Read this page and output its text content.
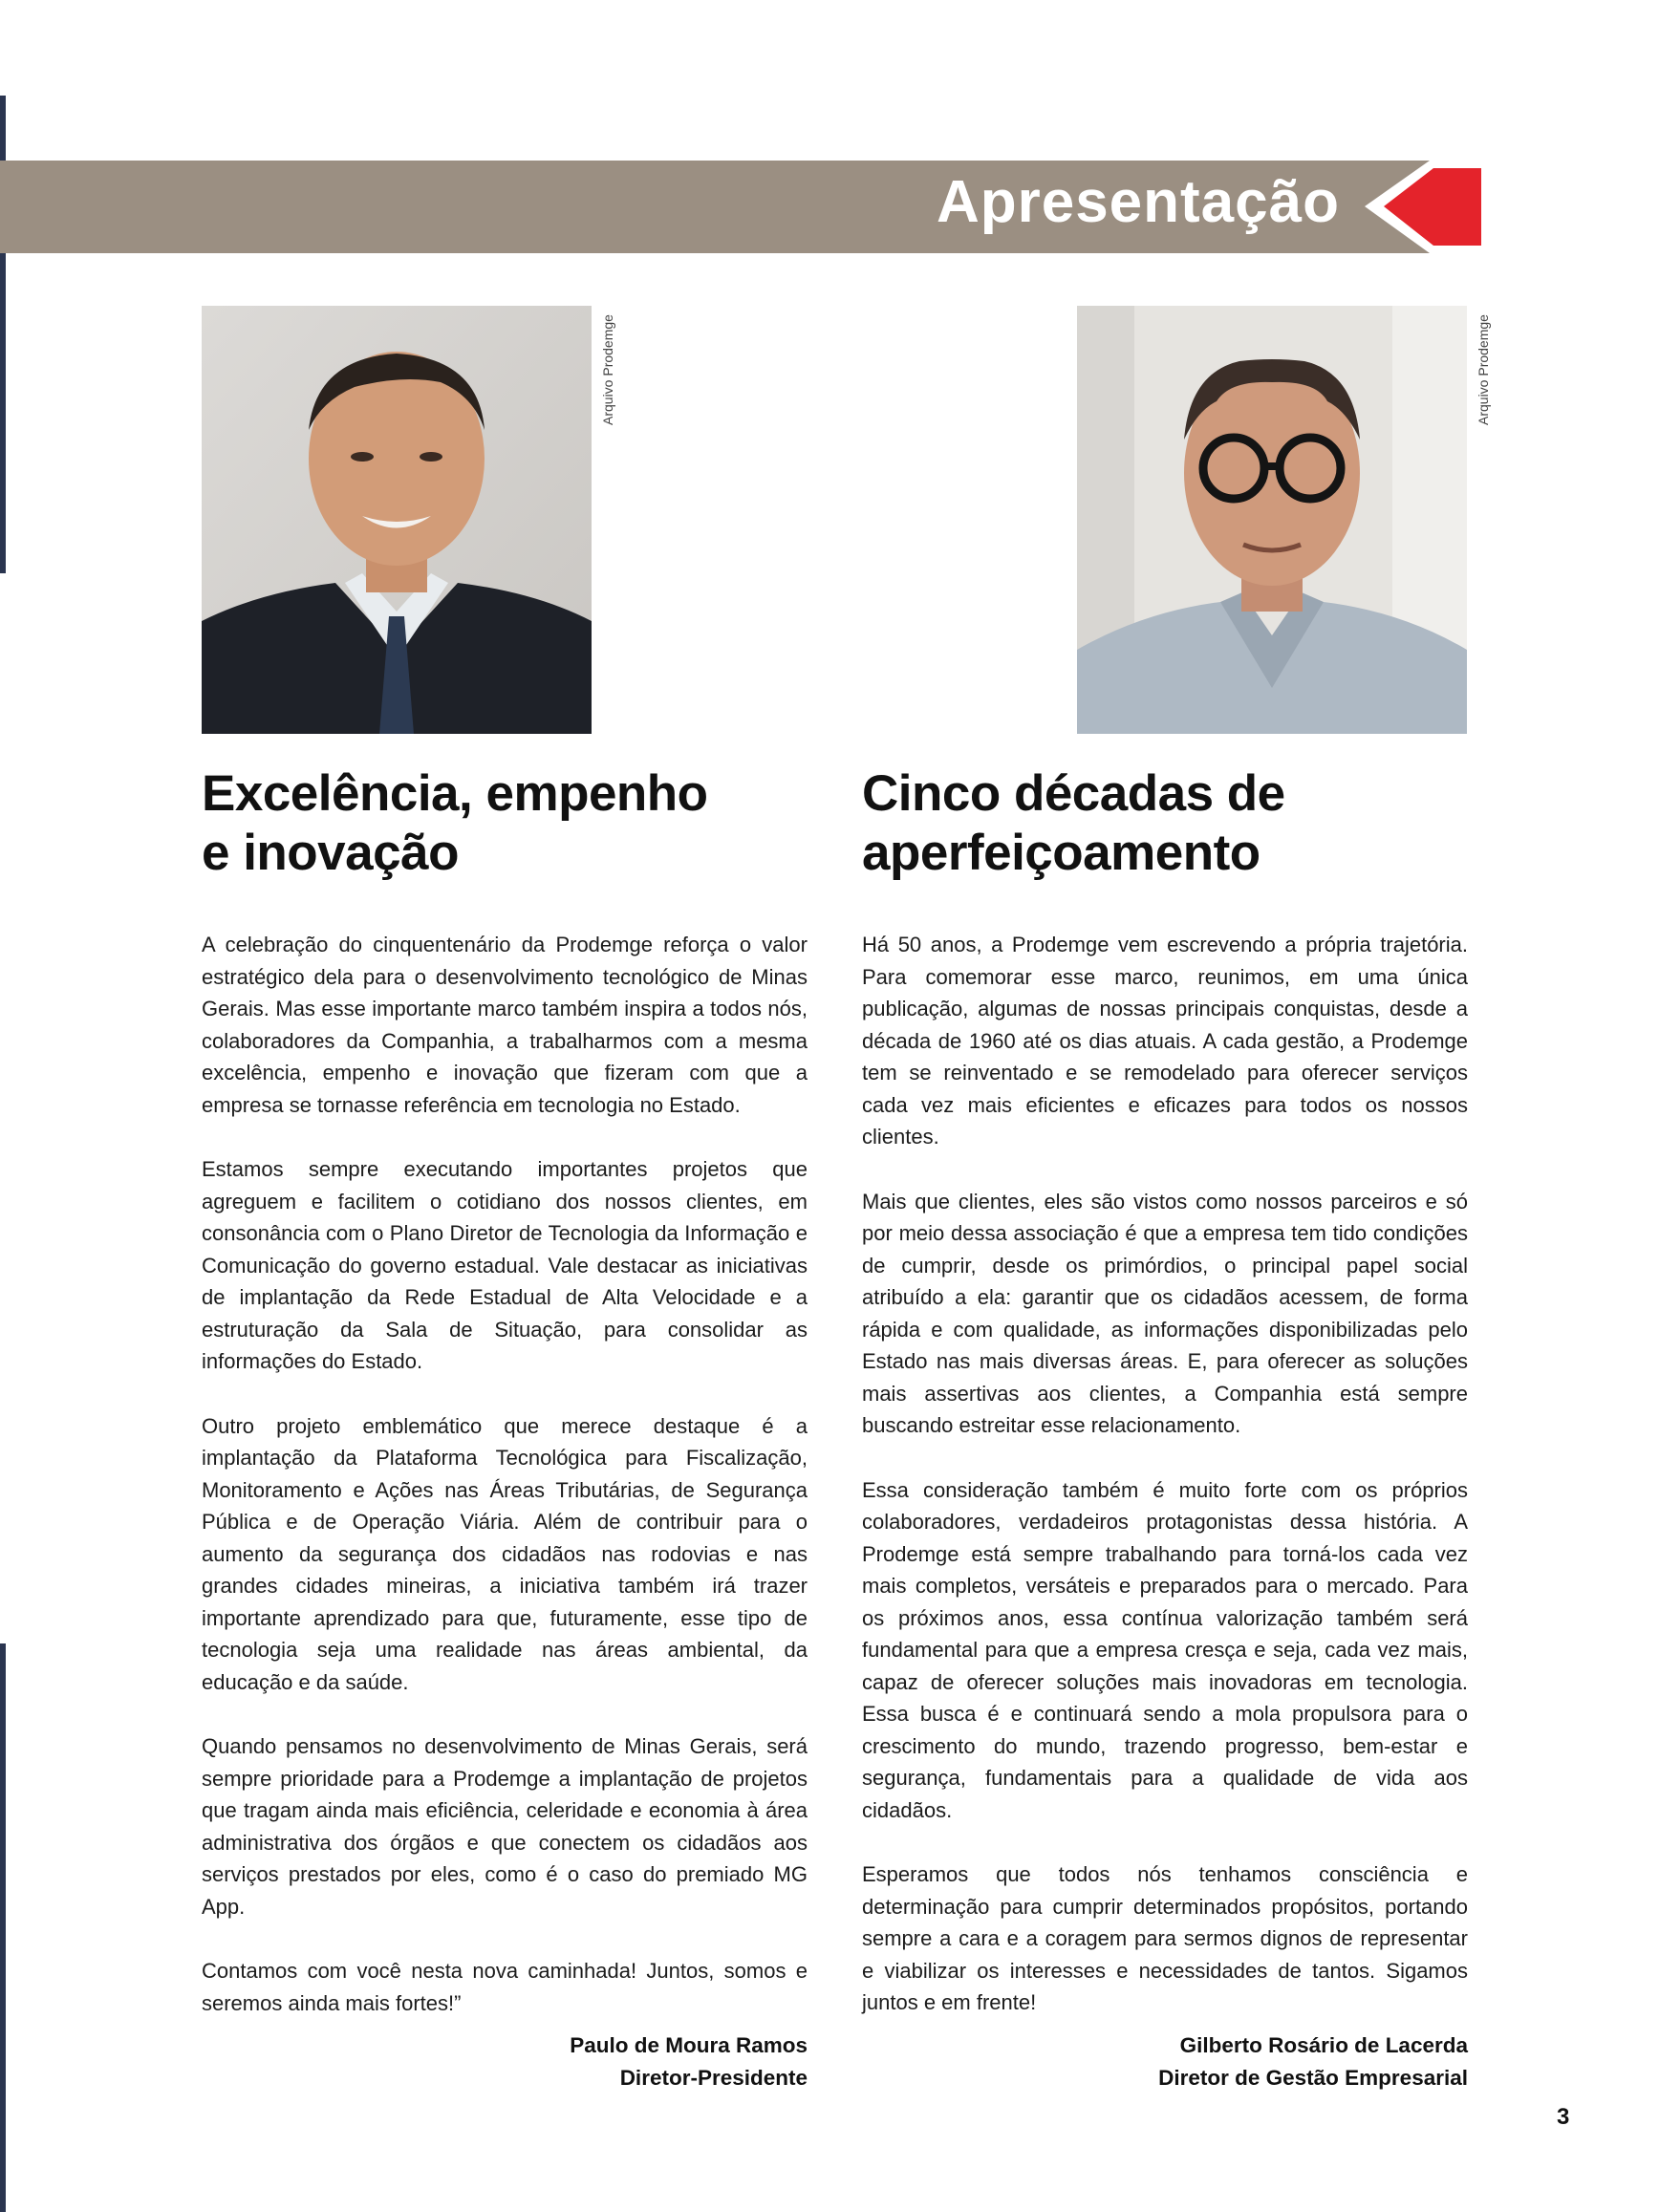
Apresentação
Arquivo Prodemge	Arquivo Prodemge
Excelência, empenho
e inovação

A celebração do cinquentenário da Prodemge reforça o valor estratégico dela para o desenvolvimento tecnológico de Minas Gerais. Mas esse importante marco também inspira a todos nós, colaboradores da Companhia, a trabalharmos com a mesma excelência, empenho e inovação que fizeram com que a empresa se tornasse referência em tecnologia no Estado.

Estamos sempre executando importantes projetos que agreguem e facilitem o cotidiano dos nossos clientes, em consonância com o Plano Diretor de Tecnologia da Informação e Comunicação do governo estadual. Vale destacar as iniciativas de implantação da Rede Estadual de Alta Velocidade e a estruturação da Sala de Situação, para consolidar as informações do Estado.

Outro projeto emblemático que merece destaque é a implantação da Plataforma Tecnológica para Fiscalização, Monitoramento e Ações nas Áreas Tributárias, de Segurança Pública e de Operação Viária. Além de contribuir para o aumento da segurança dos cidadãos nas rodovias e nas grandes cidades mineiras, a iniciativa também irá trazer importante aprendizado para que, futuramente, esse tipo de tecnologia seja uma realidade nas áreas ambiental, da educação e da saúde.

Quando pensamos no desenvolvimento de Minas Gerais, será sempre prioridade para a Prodemge a implantação de projetos que tragam ainda mais eficiência, celeridade e economia à área administrativa dos órgãos e que conectem os cidadãos aos serviços prestados por eles, como é o caso do premiado MG App.

Contamos com você nesta nova caminhada! Juntos, somos e seremos ainda mais fortes!”

Paulo de Moura Ramos
Diretor-Presidente
Cinco décadas de
aperfeiçoamento

Há 50 anos, a Prodemge vem escrevendo a própria trajetória. Para comemorar esse marco, reunimos, em uma única publicação, algumas de nossas principais conquistas, desde a década de 1960 até os dias atuais. A cada gestão, a Prodemge tem se reinventado e se remodelado para oferecer serviços cada vez mais eficientes e eficazes para todos os nossos clientes.

Mais que clientes, eles são vistos como nossos parceiros e só por meio dessa associação é que a empresa tem tido condições de cumprir, desde os primórdios, o principal papel social atribuído a ela: garantir que os cidadãos acessem, de forma rápida e com qualidade, as informações disponibilizadas pelo Estado nas mais diversas áreas. E, para oferecer as soluções mais assertivas aos clientes, a Companhia está sempre buscando estreitar esse relacionamento.

Essa consideração também é muito forte com os próprios colaboradores, verdadeiros protagonistas dessa história. A Prodemge está sempre trabalhando para torná-los cada vez mais completos, versáteis e preparados para o mercado. Para os próximos anos, essa contínua valorização também será fundamental para que a empresa cresça e seja, cada vez mais, capaz de oferecer soluções mais inovadoras em tecnologia. Essa busca é e continuará sendo a mola propulsora para o crescimento do mundo, trazendo progresso, bem-estar e segurança, fundamentais para a qualidade de vida aos cidadãos.

Esperamos que todos nós tenhamos consciência e determinação para cumprir determinados propósitos, portando sempre a cara e a coragem para sermos dignos de representar e viabilizar os interesses e necessidades de tantos. Sigamos juntos e em frente!

Gilberto Rosário de Lacerda
Diretor de Gestão Empresarial
3
